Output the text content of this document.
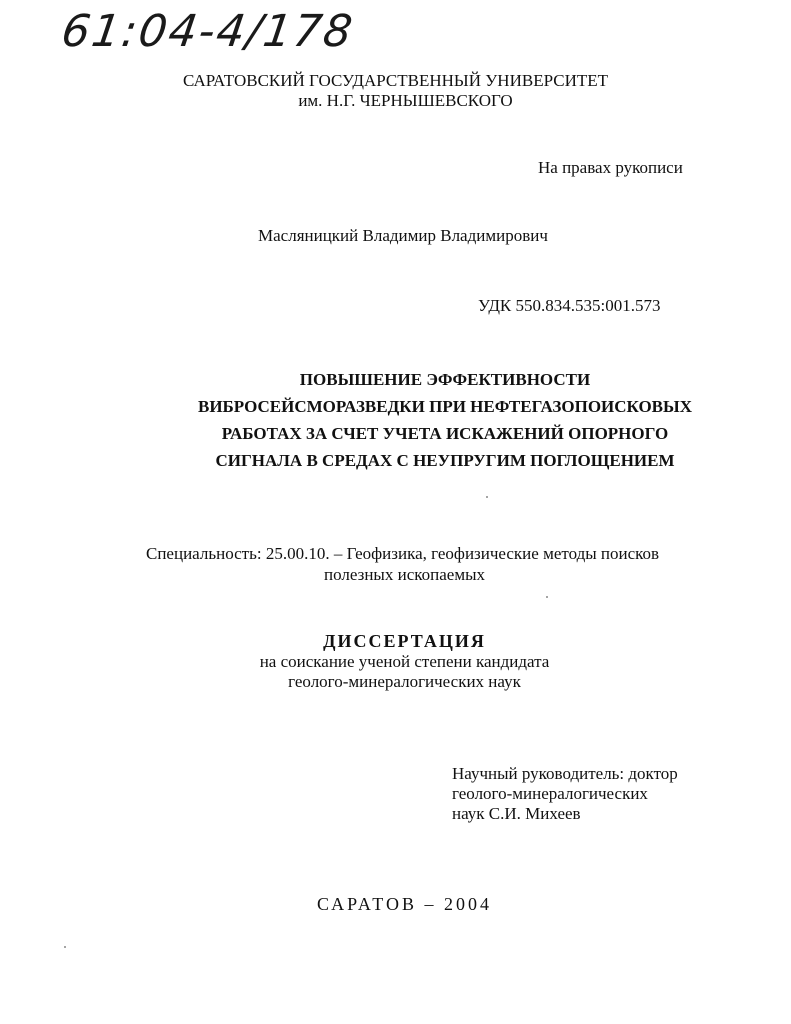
61:04-4/178
САРАТОВСКИЙ ГОСУДАРСТВЕННЫЙ УНИВЕРСИТЕТ
им. Н.Г. ЧЕРНЫШЕВСКОГО
На правах рукописи
Масляницкий Владимир Владимирович
УДК 550.834.535:001.573
ПОВЫШЕНИЕ ЭФФЕКТИВНОСТИ
ВИБРОСЕЙСМОРАЗВЕДКИ ПРИ НЕФТЕГАЗОПОИСКОВЫХ
РАБОТАХ ЗА СЧЕТ УЧЕТА ИСКАЖЕНИЙ ОПОРНОГО
СИГНАЛА В СРЕДАХ С НЕУПРУГИМ ПОГЛОЩЕНИЕМ
Специальность: 25.00.10. – Геофизика, геофизические методы поисков
полезных ископаемых
ДИССЕРТАЦИЯ
на соискание ученой степени кандидата
геолого-минералогических наук
Научный руководитель: доктор
геолого-минералогических
наук С.И. Михеев
САРАТОВ – 2004
